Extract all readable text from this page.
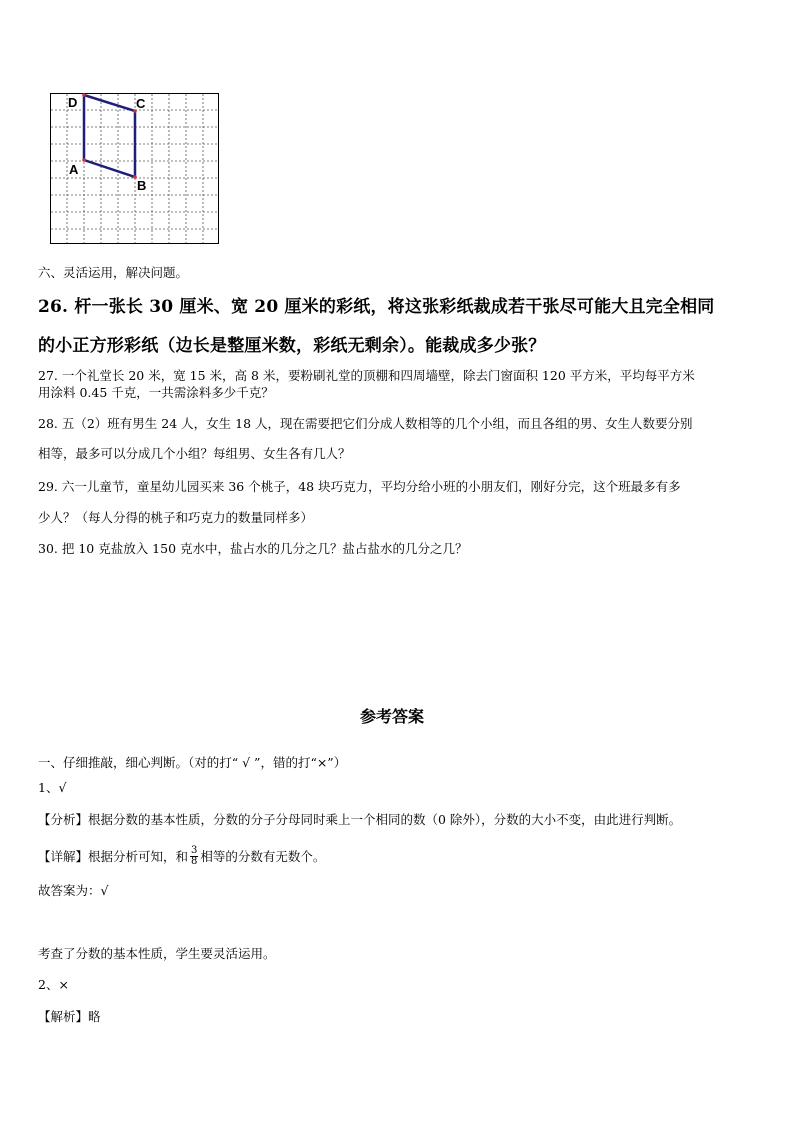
D	C
A
B
六、灵活运用，解决问题。
26. 杆一张长 30 厘米、宽 20 厘米的彩纸，将这张彩纸裁成若干张尽可能大且完全相同
的小正方形彩纸（边长是整厘米数，彩纸无剩余）。能裁成多少张？
27. 一个礼堂长 20 米，宽 15 米，高 8 米，要粉刷礼堂的顶棚和四周墙壁，除去门窗面积 120 平方米，平均每平方米
用涂料 0.45 千克，一共需涂料多少千克？
28. 五（2）班有男生 24 人，女生 18 人，现在需要把它们分成人数相等的几个小组，而且各组的男、女生人数要分别
相等，最多可以分成几个小组？每组男、女生各有几人？
29. 六一儿童节，童星幼儿园买来 36 个桃子，48 块巧克力，平均分给小班的小朋友们，刚好分完，这个班最多有多
少人？（每人分得的桃子和巧克力的数量同样多）
30. 把 10 克盐放入 150 克水中，盐占水的几分之几？盐占盐水的几分之几？
参考答案
一、仔细推敲，细心判断。（对的打“ √ ”，错的打“×”）
1、√
【分析】根据分数的基本性质，分数的分子分母同时乘上一个相同的数（0 除外），分数的大小不变，由此进行判断。
【详解】根据分析可知，和 $\frac{3}{8}$ 相等的分数有无数个。
故答案为：√
考查了分数的基本性质，学生要灵活运用。
2、×
【解析】略
